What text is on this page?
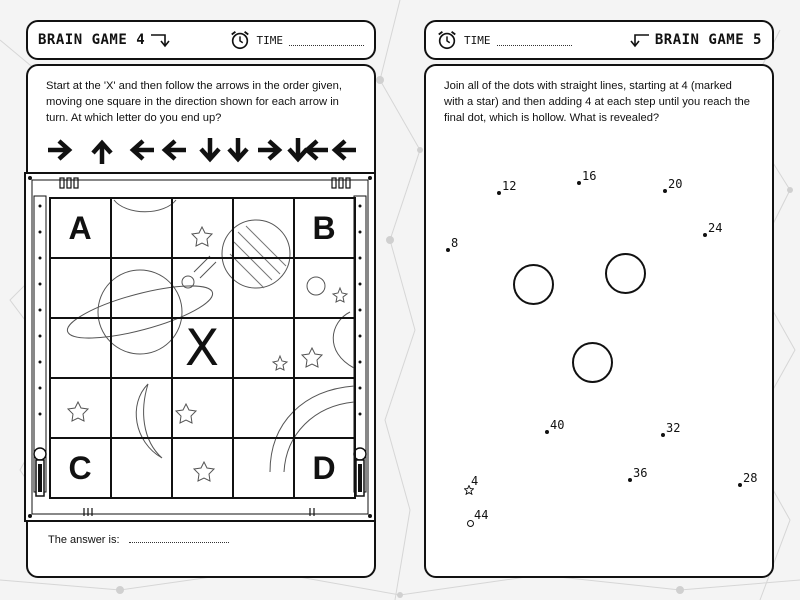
BRAIN GAME 4	TIME
Start at the 'X' and then follow the arrows in the order given, moving one square in the direction shown for each arrow in turn. At which letter do you end up?
A	B
C	D
X
The answer is:
TIME	BRAIN GAME 5
Join all of the dots with straight lines, starting at 4 (marked with a star) and then adding 4 at each step until you reach the final dot, which is hollow. What is revealed?
4
8
12
16
20
24
28
32
36
40
44
